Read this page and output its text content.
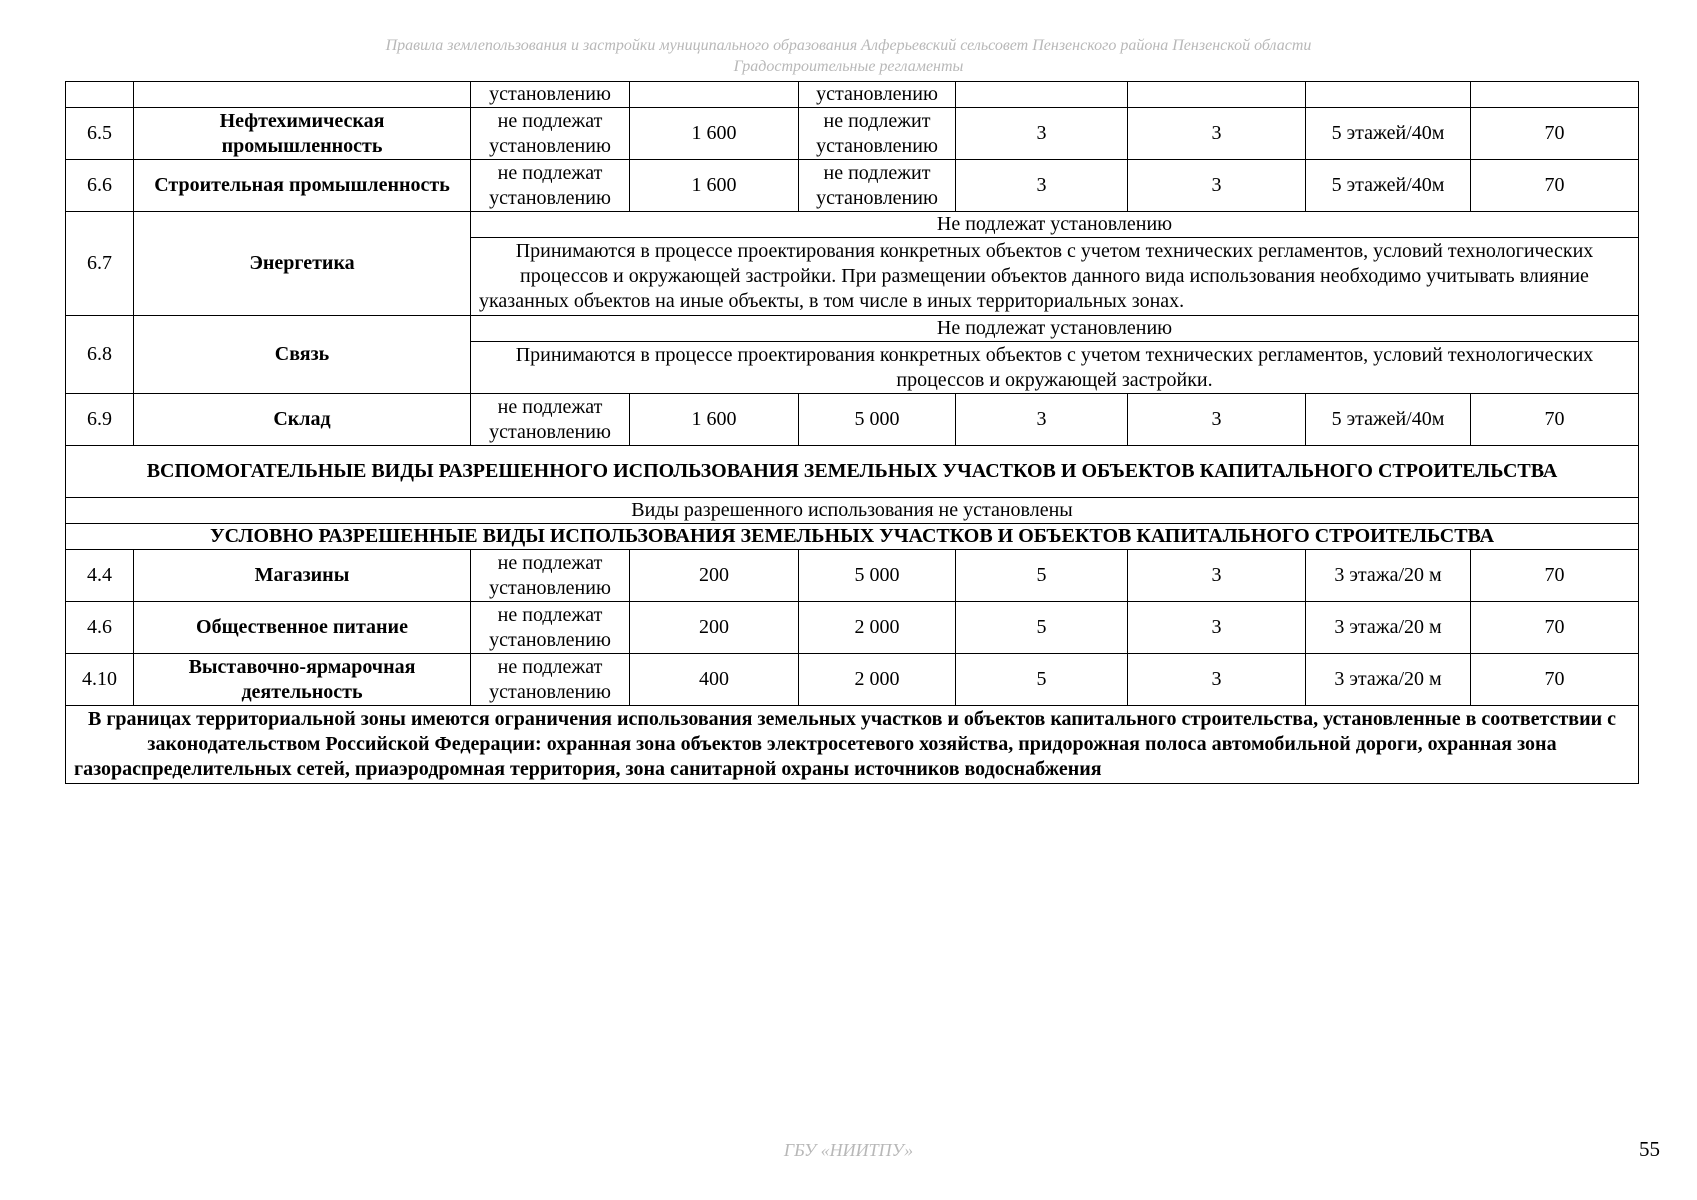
Правила землепользования и застройки муниципального образования Алферьевский сельсовет Пензенского района Пензенской области
Градостроительные регламенты
		установлению		установлению				
6.5	Нефтехимическая промышленность	не подлежат установлению	1 600	не подлежит установлению	3	3	5 этажей/40м	70
6.6	Строительная промышленность	не подлежат установлению	1 600	не подлежит установлению	3	3	5 этажей/40м	70
6.7	Энергетика	Не подлежат установлению						
		Принимаются в процессе проектирования конкретных объектов с учетом технических регламентов, условий технологических процессов и окружающей застройки. При размещении объектов данного вида использования необходимо учитывать влияние указанных объектов на иные объекты, в том числе в иных территориальных зонах.						
6.8	Связь	Не подлежат установлению						
		Принимаются в процессе проектирования конкретных объектов с учетом технических регламентов, условий технологических процессов и окружающей застройки.						
6.9	Склад	не подлежат установлению	1 600	5 000	3	3	5 этажей/40м	70
ВСПОМОГАТЕЛЬНЫЕ ВИДЫ РАЗРЕШЕННОГО ИСПОЛЬЗОВАНИЯ ЗЕМЕЛЬНЫХ УЧАСТКОВ И ОБЪЕКТОВ КАПИТАЛЬНОГО СТРОИТЕЛЬСТВА								
Виды разрешенного использования не установлены								
УСЛОВНО РАЗРЕШЕННЫЕ ВИДЫ ИСПОЛЬЗОВАНИЯ ЗЕМЕЛЬНЫХ УЧАСТКОВ И ОБЪЕКТОВ КАПИТАЛЬНОГО СТРОИТЕЛЬСТВА								
4.4	Магазины	не подлежат установлению	200	5 000	5	3	3 этажа/20 м	70
4.6	Общественное питание	не подлежат установлению	200	2 000	5	3	3 этажа/20 м	70
4.10	Выставочно-ярмарочная деятельность	не подлежат установлению	400	2 000	5	3	3 этажа/20 м	70
В границах территориальной зоны имеются ограничения использования земельных участков и объектов капитального строительства, установленные в соответствии с законодательством Российской Федерации: охранная зона объектов электросетевого хозяйства, придорожная полоса автомобильной дороги, охранная зона газораспределительных сетей, приаэродромная территория, зона санитарной охраны источников водоснабжения								
ГБУ «НИИТПУ»	55
